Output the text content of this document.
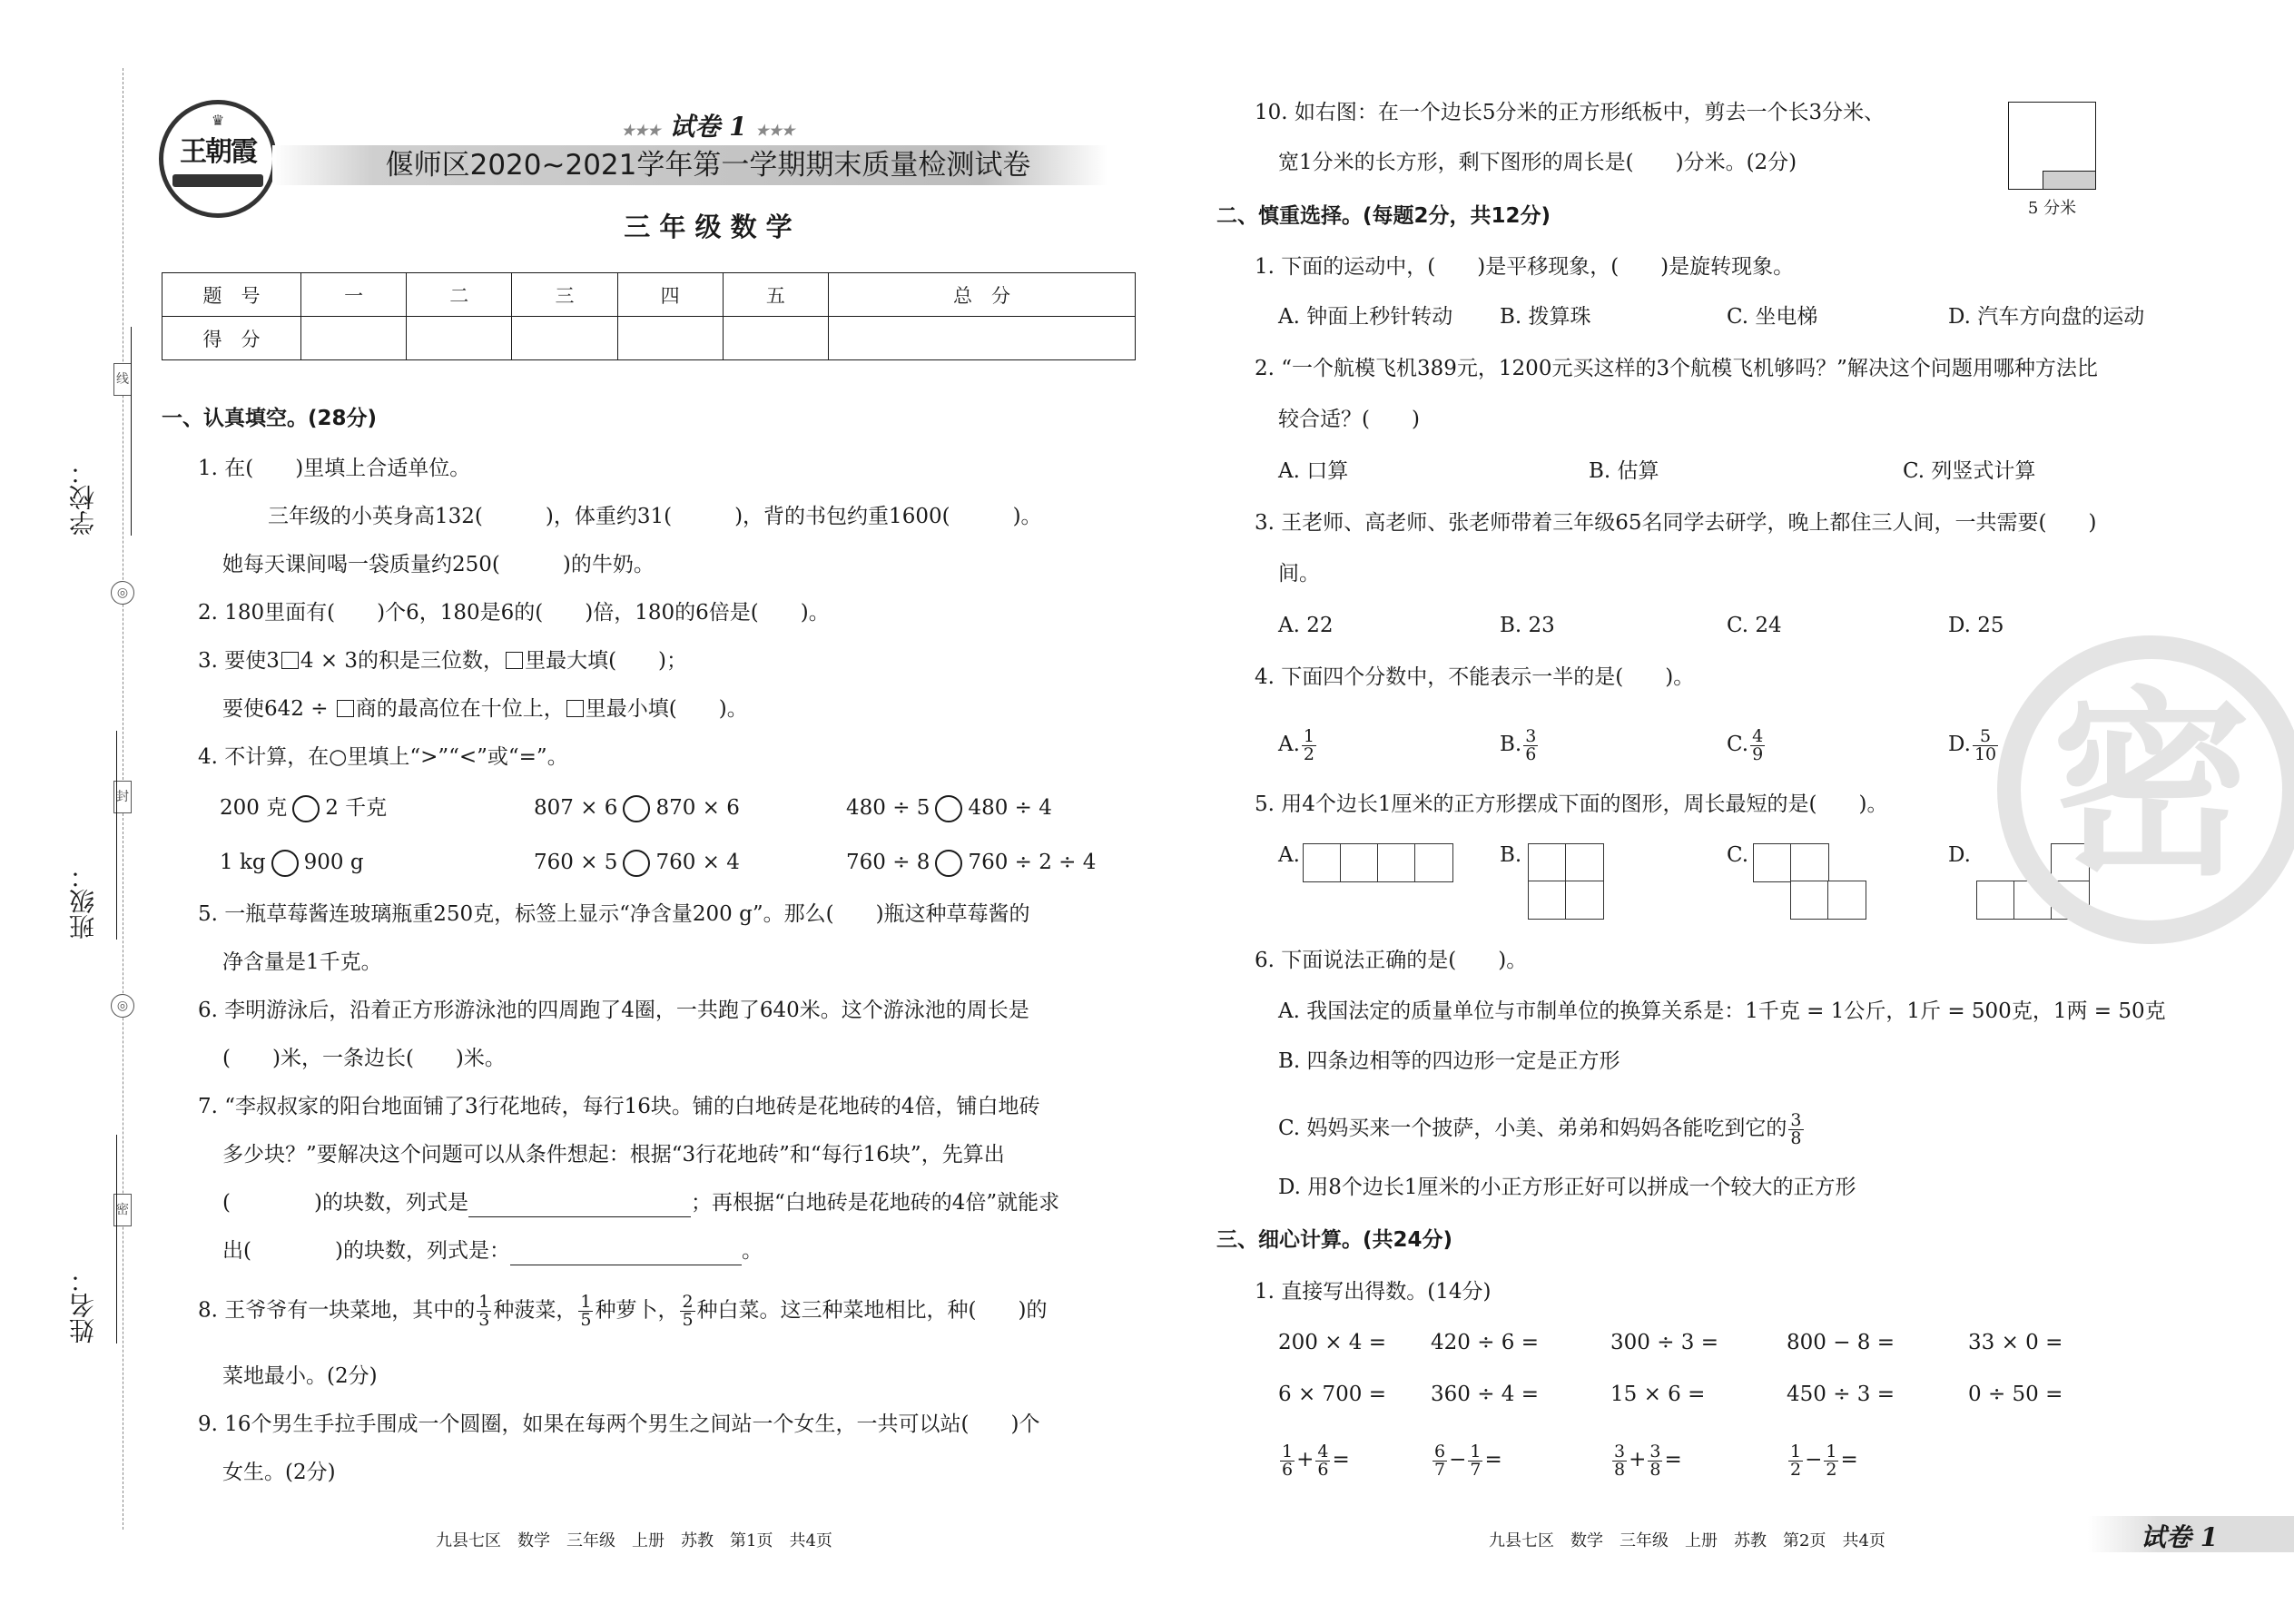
线
◎
封
◎
密
学校：
班级：
姓名：
♛
王朝霞
★★★ 试卷 1 ★★★
偃师区2020~2021学年第一学期期末质量检测试卷
三 年 级 数 学
题　号	一	二	三	四	五	总　分
得　分						
一、认真填空。(28分)
1. 在(　　)里填上合适单位。
三年级的小英身高132(　　　)，体重约31(　　　)，背的书包约重1600(　　　)。
她每天课间喝一袋质量约250(　　　)的牛奶。
2. 180里面有(　　)个6，180是6的(　　)倍，180的6倍是(　　)。
3. 要使3 4 × 3的积是三位数， 里最大填(　　)；
要使642 ÷ 商的最高位在十位上， 里最小填(　　)。
4. 不计算，在○里填上“>”“<”或“=”。
200 克 2 千克	807 × 6 870 × 6	480 ÷ 5 480 ÷ 4
1 kg 900 g	760 × 5 760 × 4	760 ÷ 8 760 ÷ 2 ÷ 4
5. 一瓶草莓酱连玻璃瓶重250克，标签上显示“净含量200 g”。那么(　　)瓶这种草莓酱的
净含量是1千克。
6. 李明游泳后，沿着正方形游泳池的四周跑了4圈，一共跑了640米。这个游泳池的周长是
(　　)米，一条边长(　　)米。
7. “李叔叔家的阳台地面铺了3行花地砖，每行16块。铺的白地砖是花地砖的4倍，铺白地砖
多少块？”要解决这个问题可以从条件想起：根据“3行花地砖”和“每行16块”，先算出
(　　　　)的块数，列式是	；再根据“白地砖是花地砖的4倍”就能求
出(　　　　)的块数，列式是：	。
8. 王爷爷有一块菜地，其中的 $\frac{1}{3}$ 种菠菜， $\frac{1}{5}$ 种萝卜， $\frac{2}{5}$ 种白菜。这三种菜地相比，种(　　)的
菜地最小。(2分)
9. 16个男生手拉手围成一个圆圈，如果在每两个男生之间站一个女生，一共可以站(　　)个
女生。(2分)
九县七区　数学　三年级　上册　苏教　第1页　共4页
10. 如右图：在一个边长5分米的正方形纸板中，剪去一个长3分米、
宽1分米的长方形，剩下图形的周长是(　　)分米。(2分)
5 分米
二、慎重选择。(每题2分，共12分)
1. 下面的运动中，(　　)是平移现象，(　　)是旋转现象。
A. 钟面上秒针转动 B. 拨算珠	C. 坐电梯	D. 汽车方向盘的运动
2. “一个航模飞机389元，1200元买这样的3个航模飞机够吗？”解决这个问题用哪种方法比
较合适？(　　)
A. 口算	B. 估算	C. 列竖式计算
3. 王老师、高老师、张老师带着三年级65名同学去研学，晚上都住三人间，一共需要(　　)
间。
A. 22	B. 23	C. 24	D. 25
4. 下面四个分数中，不能表示一半的是(　　)。
A. $\frac{1}{2}$	B. $\frac{3}{6}$	C. $\frac{4}{9}$	D. $\frac{5}{10}$
5. 用4个边长1厘米的正方形摆成下面的图形，周长最短的是(　　)。
A.	B.	C.	D.
6. 下面说法正确的是(　　)。
A. 我国法定的质量单位与市制单位的换算关系是：1千克 = 1公斤，1斤 = 500克，1两 = 50克
B. 四条边相等的四边形一定是正方形
C. 妈妈买来一个披萨，小美、弟弟和妈妈各能吃到它的 $\frac{3}{8}$
D. 用8个边长1厘米的小正方形正好可以拼成一个较大的正方形
三、细心计算。(共24分)
1. 直接写出得数。(14分)
200 × 4 = 420 ÷ 6 =	300 ÷ 3 =	800 − 8 =	33 × 0 =
6 × 700 = 360 ÷ 4 =	15 × 6 =	450 ÷ 3 =	0 ÷ 50 =
$\frac{1}{6} + \frac{4}{6}$ =	$\frac{6}{7} - \frac{1}{7}$ =	$\frac{3}{8} + \frac{3}{8}$ =	$\frac{1}{2} - \frac{1}{2}$ =
密
九县七区　数学　三年级　上册　苏教　第2页　共4页	试卷 1
